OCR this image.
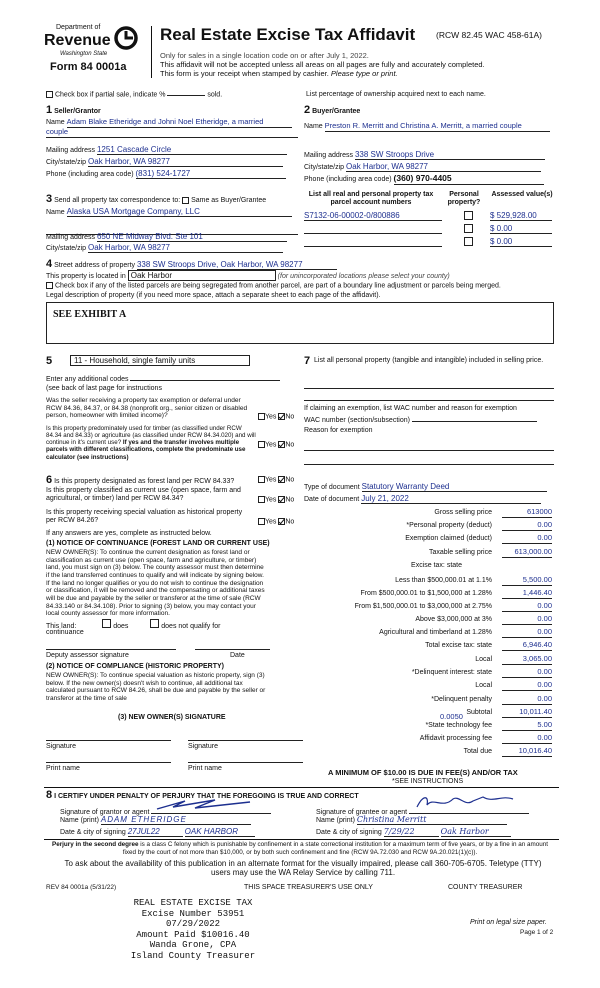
Department of
Revenue
Washington State
Form 84 0001a
Real Estate Excise Tax Affidavit (RCW 82.45 WAC 458-61A)
Only for sales in a single location code on or after July 1, 2022.
This affidavit will not be accepted unless all areas on all pages are fully and accurately completed.
This form is your receipt when stamped by cashier. Please type or print.
Check box if partial sale, indicate %	sold.	List percentage of ownership acquired next to each name.
1 Seller/Grantor
Name Adam Blake Etheridge and Johni Noel Etheridge, a married
couple
Mailing address 1251 Cascade Circle
City/state/zip Oak Harbor, WA 98277
Phone (including area code) (831) 524-1727
2 Buyer/Grantee
Name Preston R. Merritt and Christina A. Merritt, a married couple
Mailing address 338 SW Stroops Drive
City/state/zip Oak Harbor, WA 98277
Phone (including area code) (360) 970-4405
3 Send all property tax correspondence to: Same as Buyer/Grantee
Name Alaska USA Mortgage Company, LLC
Mailing address 650 NE Midway Blvd. Ste 101
City/state/zip Oak Harbor, WA 98277
List all real and personal property tax parcel account numbers
Personal property?
Assessed value(s)
S7132-06-00002-0/800886	$ 529,928.00
$ 0.00
$ 0.00
4 Street address of property 338 SW Stroops Drive, Oak Harbor, WA 98277
This property is located in Oak Harbor	(for unincorporated locations please select your county)
Check box if any of the listed parcels are being segregated from another parcel, are part of a boundary line adjustment or parcels being merged.
Legal description of property (if you need more space, attach a separate sheet to each page of the affidavit).
SEE EXHIBIT A
5	11 - Household, single family units
Enter any additional codes
(see back of last page for instructions
Was the seller receiving a property tax exemption or deferral under RCW 84.36, 84.37, or 84.38 (nonprofit org., senior citizen or disabled person, homeowner with limited income)?	Yes No
Is this property predominately used for timber (as classified under RCW 84.34 and 84.33) or agriculture (as classified under RCW 84.34.020) and will continue in it's current use? If yes and the transfer involves multiple parcels with different classifications, complete the predominate use calculator (see instructions)
Yes No
7 List all personal property (tangible and intangible) included in selling price.
If claiming an exemption, list WAC number and reason for exemption
WAC number (section/subsection)
Reason for exemption
Type of document Statutory Warranty Deed
Date of document July 21, 2022
6 Is this property designated as forest land per RCW 84.33?	Yes No
Is this property classified as current use (open space, farm and agricultural, or timber) land per RCW 84.34?	Yes No
Is this property receiving special valuation as historical property per RCW 84.26?	Yes No
If any answers are yes, complete as instructed below.
(1) NOTICE OF CONTINUANCE (FOREST LAND OR CURRENT USE)
NEW OWNER(S): To continue the current designation as forest land or classification as current use (open space, farm and agriculture, or timber) land, you must sign on (3) below. The county assessor must then determine if the land transferred continues to qualify and will indicate by signing below. If the land no longer qualifies or you do not wish to continue the designation or classification, it will be removed and the compensating or additional taxes will be due and payable by the seller or transferor at the time of sale (RCW 84.33.140 or 84.34.108). Prior to signing (3) below, you may contact your local county assessor for more information.
This land:	does	does not qualify for
continuance
Deputy assessor signature	Date
(2) NOTICE OF COMPLIANCE (HISTORIC PROPERTY)
NEW OWNER(S): To continue special valuation as historic property, sign (3) below. If the new owner(s) doesn't wish to continue, all additional tax calculated pursuant to RCW 84.26, shall be due and payable by the seller or transferor at the time of sale
(3) NEW OWNER(S) SIGNATURE
Signature	Signature
Print name	Print name
Gross selling price	613000
*Personal property (deduct)	0.00
Exemption claimed (deduct)	0.00
Taxable selling price	613,000.00
Excise tax: state
Less than $500,000.01 at 1.1%	5,500.00
From $500,000.01 to $1,500,000 at 1.28%	1,446.40
From $1,500,000.01 to $3,000,000 at 2.75%	0.00
Above $3,000,000 at 3%	0.00
Agricultural and timberland at 1.28%	0.00
Total excise tax: state	6,946.40
Local	3,065.00
*Delinquent interest: state	0.00
Local	0.00
*Delinquent penalty	0.00
Subtotal	10,011.40
*State technology fee	5.00
Affidavit processing fee	0.00
Total due	10,016.40
0.0050
A MINIMUM OF $10.00 IS DUE IN FEE(S) AND/OR TAX
*SEE INSTRUCTIONS
8 I CERTIFY UNDER PENALTY OF PERJURY THAT THE FOREGOING IS TRUE AND CORRECT
Signature of grantor or agent
Name (print) ADAM ETHERIDGE
Date & city of signing 27JUL22	OAK HARBOR
Signature of grantee or agent
Name (print) Christina Merritt
Date & city of signing 7/29/22	Oak Harbor
Perjury in the second degree is a class C felony which is punishable by confinement in a state correctional institution for a maximum term of five years, or by a fine in an amount fixed by the court of not more than $10,000, or by both such confinement and fine (RCW 9A.72.030 and RCW 9A.20.021(1)(c)).
To ask about the availability of this publication in an alternate format for the visually impaired, please call 360-705-6705. Teletype (TTY) users may use the WA Relay Service by calling 711.
REV 84 0001a (5/31/22)	THIS SPACE TREASURER'S USE ONLY	COUNTY TREASURER
REAL ESTATE EXCISE TAX
Excise Number 53951
07/29/2022
Amount Paid $10016.40
Wanda Grone, CPA
Island County Treasurer
Print on legal size paper.
Page 1 of 2
